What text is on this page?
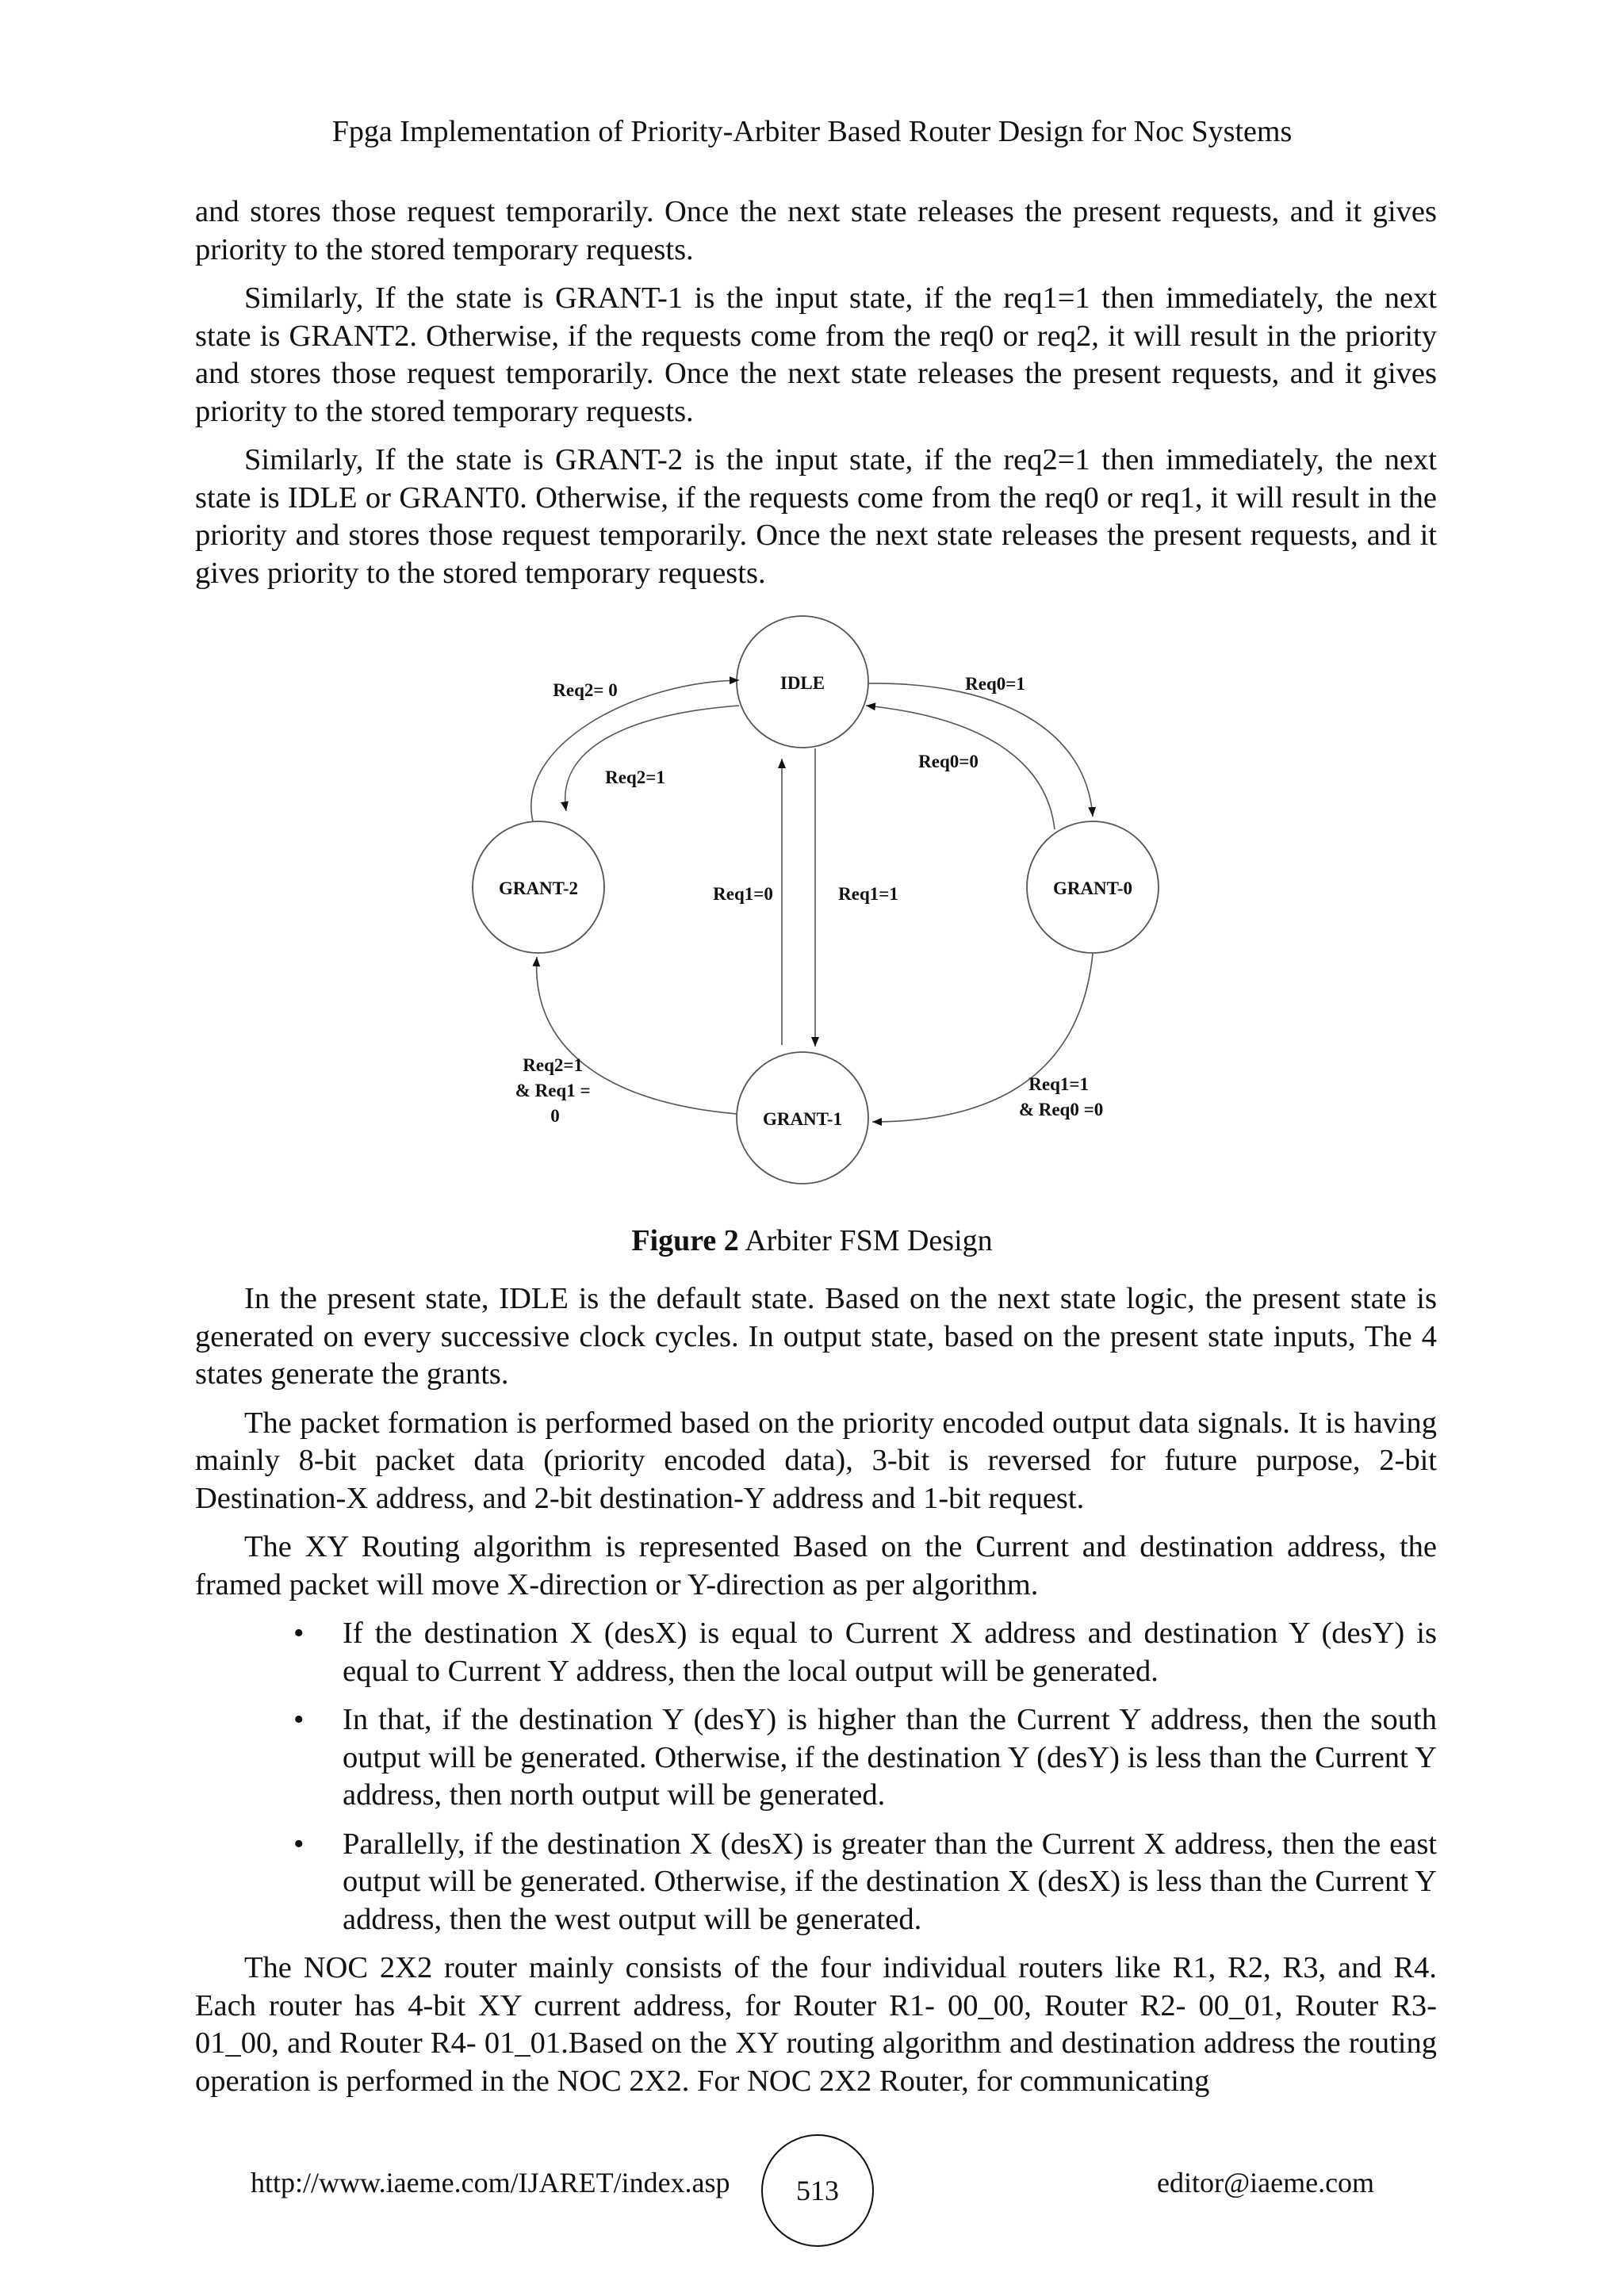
Fpga Implementation of Priority-Arbiter Based Router Design for Noc Systems

and stores those request temporarily. Once the next state releases the present requests, and it gives priority to the stored temporary requests.

Similarly, If the state is GRANT-1 is the input state, if the req1=1 then immediately, the next state is GRANT2. Otherwise, if the requests come from the req0 or req2, it will result in the priority and stores those request temporarily. Once the next state releases the present requests, and it gives priority to the stored temporary requests.

Similarly, If the state is GRANT-2 is the input state, if the req2=1 then immediately, the next state is IDLE or GRANT0. Otherwise, if the requests come from the req0 or req1, it will result in the priority and stores those request temporarily. Once the next state releases the present requests, and it gives priority to the stored temporary requests.

IDLE
GRANT-0
GRANT-1
GRANT-2
Req2= 0	Req0=1
Req2=1
Req0=0
Req1=0	Req1=1
Req2=1 & Req1 = 0
Req1=1 & Req0 =0
Figure 2 Arbiter FSM Design

In the present state, IDLE is the default state. Based on the next state logic, the present state is generated on every successive clock cycles. In output state, based on the present state inputs, The 4 states generate the grants.

The packet formation is performed based on the priority encoded output data signals. It is having mainly 8-bit packet data (priority encoded data), 3-bit is reversed for future purpose, 2-bit Destination-X address, and 2-bit destination-Y address and 1-bit request.

The XY Routing algorithm is represented Based on the Current and destination address, the framed packet will move X-direction or Y-direction as per algorithm.

• If the destination X (desX) is equal to Current X address and destination Y (desY) is equal to Current Y address, then the local output will be generated.
• In that, if the destination Y (desY) is higher than the Current Y address, then the south output will be generated. Otherwise, if the destination Y (desY) is less than the Current Y address, then north output will be generated.
• Parallelly, if the destination X (desX) is greater than the Current X address, then the east output will be generated. Otherwise, if the destination X (desX) is less than the Current Y address, then the west output will be generated.

The NOC 2X2 router mainly consists of the four individual routers like R1, R2, R3, and R4. Each router has 4-bit XY current address, for Router R1- 00_00, Router R2- 00_01, Router R3- 01_00, and Router R4- 01_01.Based on the XY routing algorithm and destination address the routing operation is performed in the NOC 2X2. For NOC 2X2 Router, for communicating

http://www.iaeme.com/IJARET/index.asp	513	editor@iaeme.com
